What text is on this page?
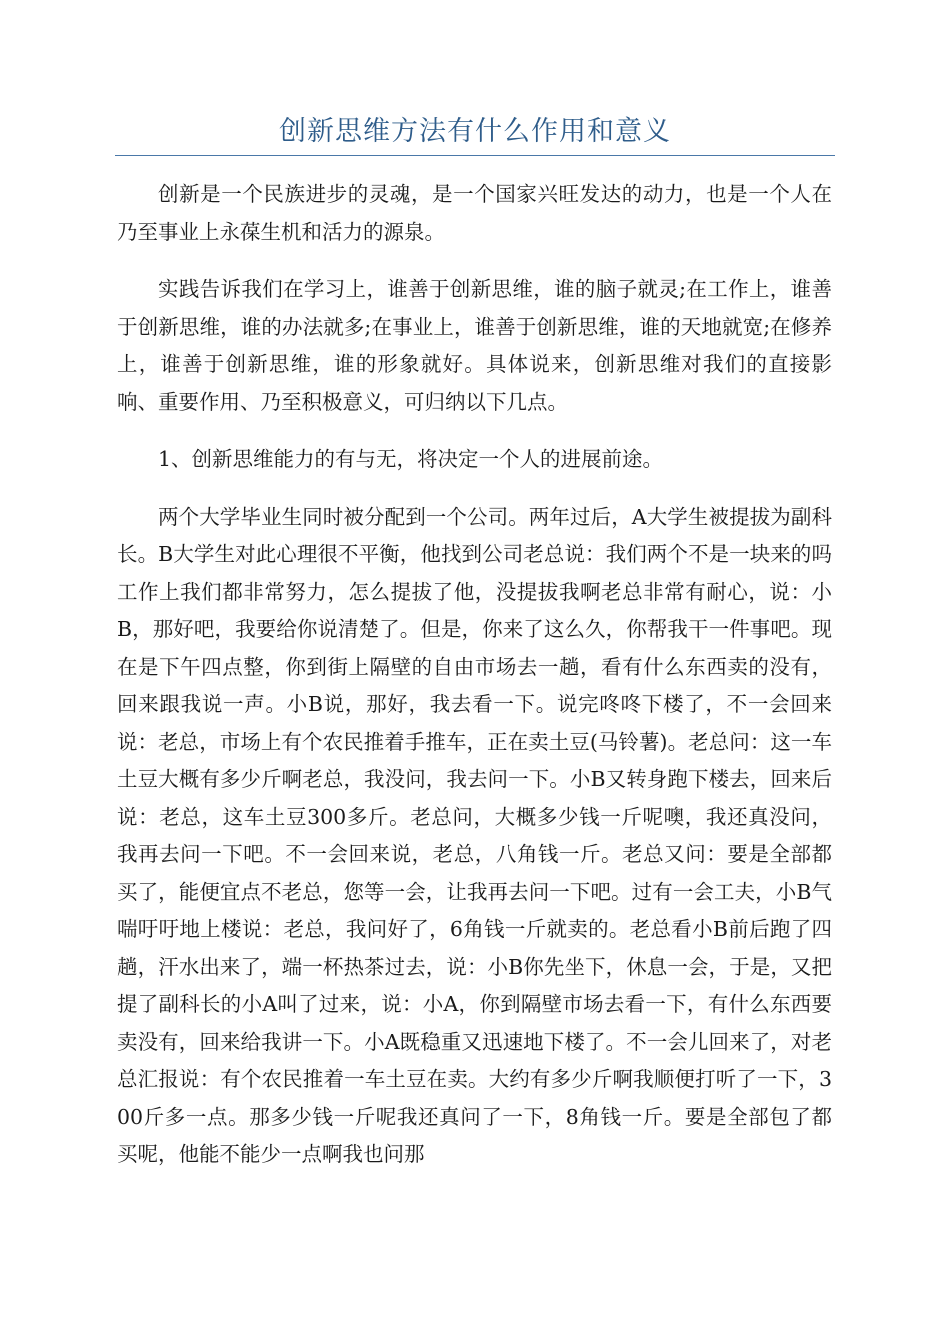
创新思维方法有什么作用和意义

创新是一个民族进步的灵魂，是一个国家兴旺发达的动力，也是一个人在乃至事业上永葆生机和活力的源泉。

实践告诉我们在学习上，谁善于创新思维，谁的脑子就灵;在工作上，谁善于创新思维，谁的办法就多;在事业上，谁善于创新思维，谁的天地就宽;在修养上，谁善于创新思维，谁的形象就好。具体说来，创新思维对我们的直接影响、重要作用、乃至积极意义，可归纳以下几点。

1、创新思维能力的有与无，将决定一个人的进展前途。

两个大学毕业生同时被分配到一个公司。两年过后，A大学生被提拔为副科长。B大学生对此心理很不平衡，他找到公司老总说：我们两个不是一块来的吗工作上我们都非常努力，怎么提拔了他，没提拔我啊老总非常有耐心，说：小B，那好吧，我要给你说清楚了。但是，你来了这么久，你帮我干一件事吧。现在是下午四点整，你到街上隔壁的自由市场去一趟，看有什么东西卖的没有，回来跟我说一声。小B说，那好，我去看一下。说完咚咚下楼了，不一会回来说：老总，市场上有个农民推着手推车，正在卖土豆(马铃薯)。老总问：这一车土豆大概有多少斤啊老总，我没问，我去问一下。小B又转身跑下楼去，回来后说：老总，这车土豆300多斤。老总问，大概多少钱一斤呢噢，我还真没问，我再去问一下吧。不一会回来说，老总，八角钱一斤。老总又问：要是全部都买了，能便宜点不老总，您等一会，让我再去问一下吧。过有一会工夫，小B气喘吁吁地上楼说：老总，我问好了，6角钱一斤就卖的。老总看小B前后跑了四趟，汗水出来了，端一杯热茶过去，说：小B你先坐下，休息一会，于是，又把提了副科长的小A叫了过来，说：小A，你到隔壁市场去看一下，有什么东西要卖没有，回来给我讲一下。小A既稳重又迅速地下楼了。不一会儿回来了，对老总汇报说：有个农民推着一车土豆在卖。大约有多少斤啊我顺便打听了一下，300斤多一点。那多少钱一斤呢我还真问了一下，8角钱一斤。要是全部包了都买呢，他能不能少一点啊我也问那
